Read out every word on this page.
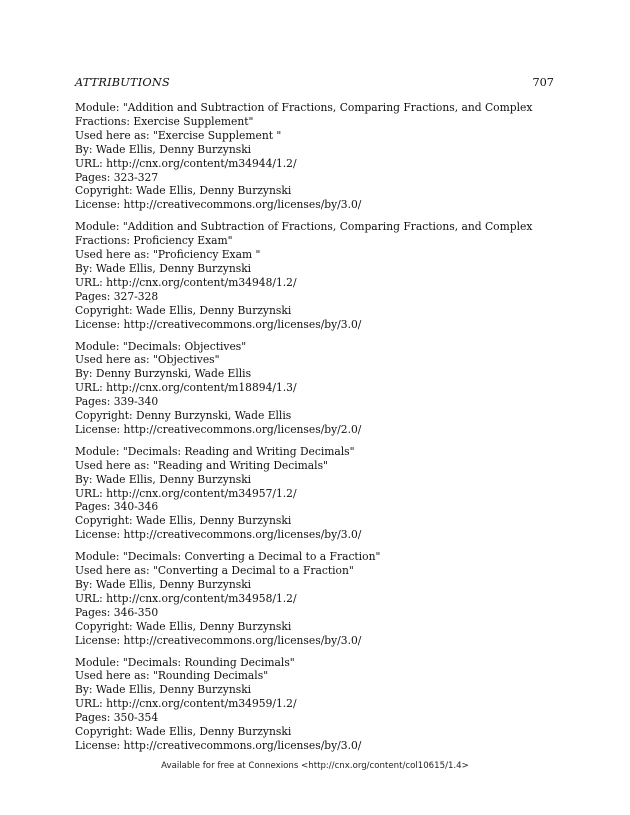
ATTRIBUTIONS	707
Module: "Addition and Subtraction of Fractions, Comparing Fractions, and Complex Fractions: Exercise Supplement"
Used here as: "Exercise Supplement "
By: Wade Ellis, Denny Burzynski
URL: http://cnx.org/content/m34944/1.2/
Pages: 323-327
Copyright: Wade Ellis, Denny Burzynski
License: http://creativecommons.org/licenses/by/3.0/
Module: "Addition and Subtraction of Fractions, Comparing Fractions, and Complex Fractions: Proficiency Exam"
Used here as: "Proficiency Exam "
By: Wade Ellis, Denny Burzynski
URL: http://cnx.org/content/m34948/1.2/
Pages: 327-328
Copyright: Wade Ellis, Denny Burzynski
License: http://creativecommons.org/licenses/by/3.0/
Module: "Decimals: Objectives"
Used here as: "Objectives"
By: Denny Burzynski, Wade Ellis
URL: http://cnx.org/content/m18894/1.3/
Pages: 339-340
Copyright: Denny Burzynski, Wade Ellis
License: http://creativecommons.org/licenses/by/2.0/
Module: "Decimals: Reading and Writing Decimals"
Used here as: "Reading and Writing Decimals"
By: Wade Ellis, Denny Burzynski
URL: http://cnx.org/content/m34957/1.2/
Pages: 340-346
Copyright: Wade Ellis, Denny Burzynski
License: http://creativecommons.org/licenses/by/3.0/
Module: "Decimals: Converting a Decimal to a Fraction"
Used here as: "Converting a Decimal to a Fraction"
By: Wade Ellis, Denny Burzynski
URL: http://cnx.org/content/m34958/1.2/
Pages: 346-350
Copyright: Wade Ellis, Denny Burzynski
License: http://creativecommons.org/licenses/by/3.0/
Module: "Decimals: Rounding Decimals"
Used here as: "Rounding Decimals"
By: Wade Ellis, Denny Burzynski
URL: http://cnx.org/content/m34959/1.2/
Pages: 350-354
Copyright: Wade Ellis, Denny Burzynski
License: http://creativecommons.org/licenses/by/3.0/
Available for free at Connexions <http://cnx.org/content/col10615/1.4>
